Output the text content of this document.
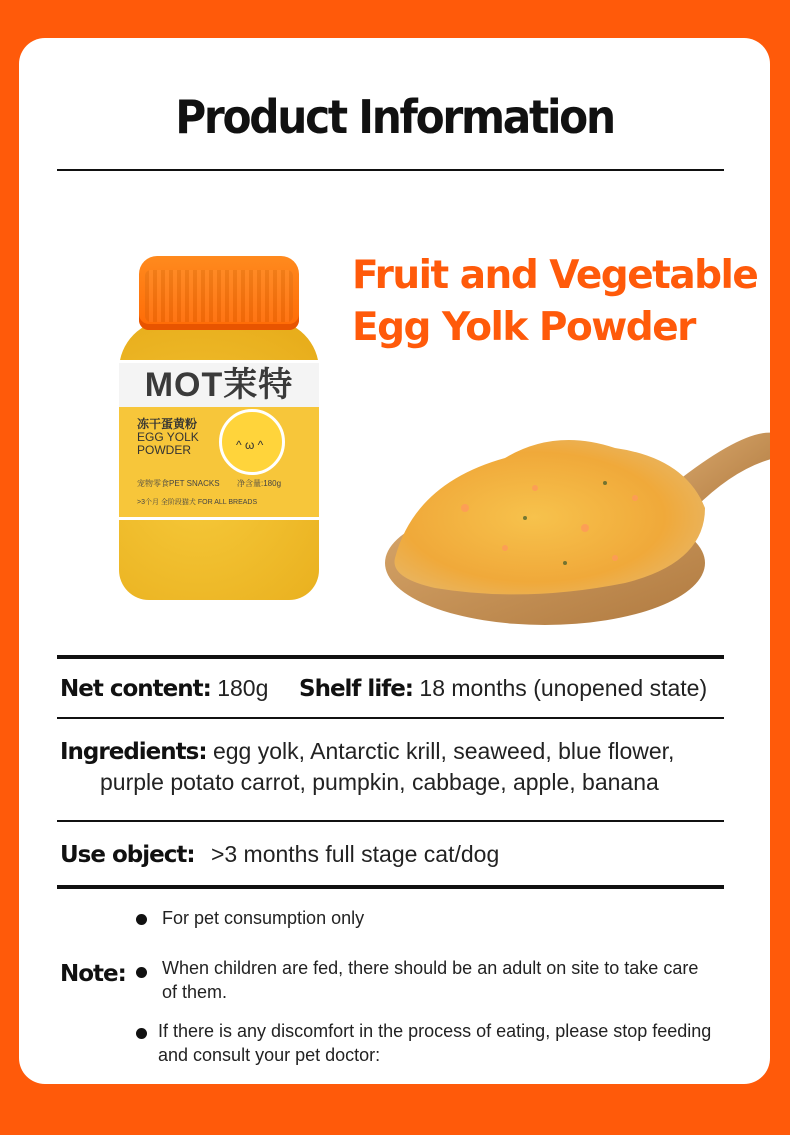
Product Information
MOT茉特
冻干蛋黄粉
EGG YOLK
POWDER	^ ω ^
宠物零食PET SNACKS 净含量:180g
>3个月 全阶段猫犬 FOR ALL BREADS
Fruit and Vegetable
Egg Yolk Powder
Net content: 180g Shelf life: 18 months (unopened state)
Ingredients: egg yolk, Antarctic krill, seaweed, blue flower,
purple potato carrot, pumpkin, cabbage, apple, banana
Use object: >3 months full stage cat/dog
Note:
For pet consumption only
When children are fed, there should be an adult on site to take care of them.
If there is any discomfort in the process of eating, please stop feeding and consult your pet doctor:
